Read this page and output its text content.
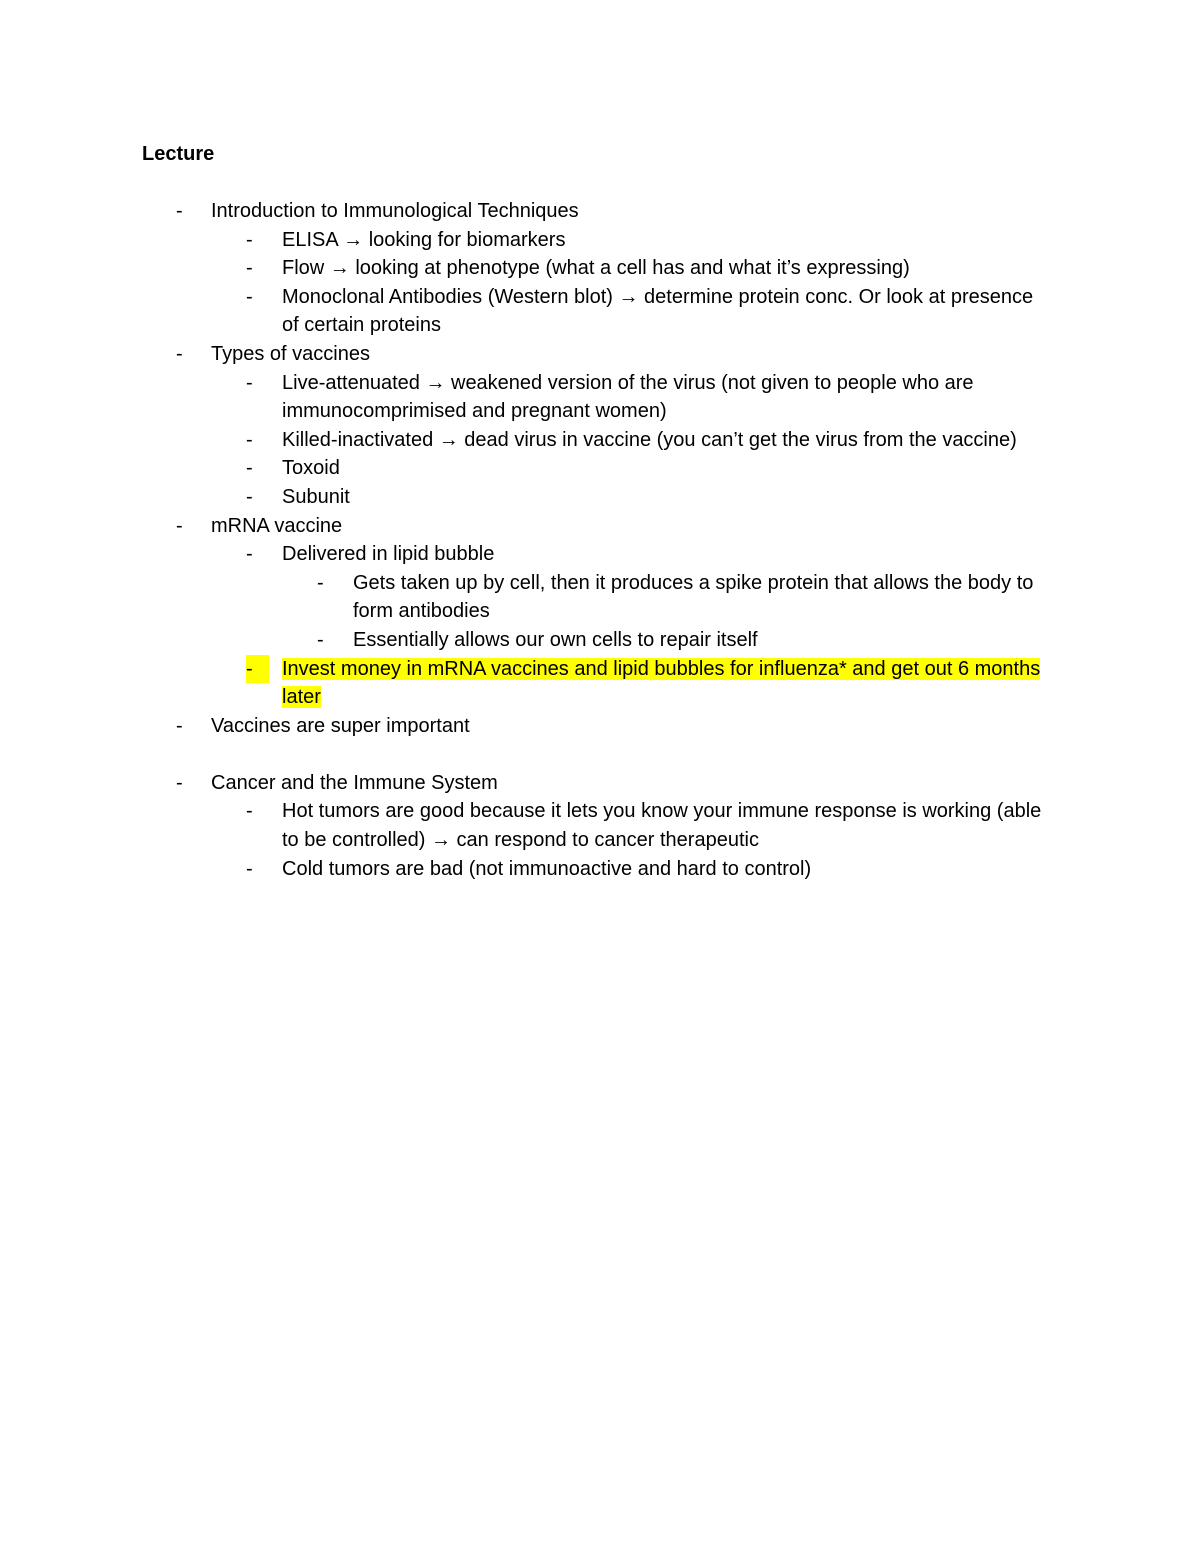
Lecture
- Introduction to Immunological Techniques
- ELISA → looking for biomarkers
- Flow → looking at phenotype (what a cell has and what it’s expressing)
- Monoclonal Antibodies (Western blot) → determine protein conc. Or look at presence of certain proteins
- Types of vaccines
- Live-attenuated → weakened version of the virus (not given to people who are immunocomprimised and pregnant women)
- Killed-inactivated → dead virus in vaccine (you can’t get the virus from the vaccine)
- Toxoid
- Subunit
- mRNA vaccine
- Delivered in lipid bubble
- Gets taken up by cell, then it produces a spike protein that allows the body to form antibodies
- Essentially allows our own cells to repair itself
-	Invest money in mRNA vaccines and lipid bubbles for influenza* and get out 6 months later
- Vaccines are super important
- Cancer and the Immune System
- Hot tumors are good because it lets you know your immune response is working (able to be controlled) → can respond to cancer therapeutic
- Cold tumors are bad (not immunoactive and hard to control)
